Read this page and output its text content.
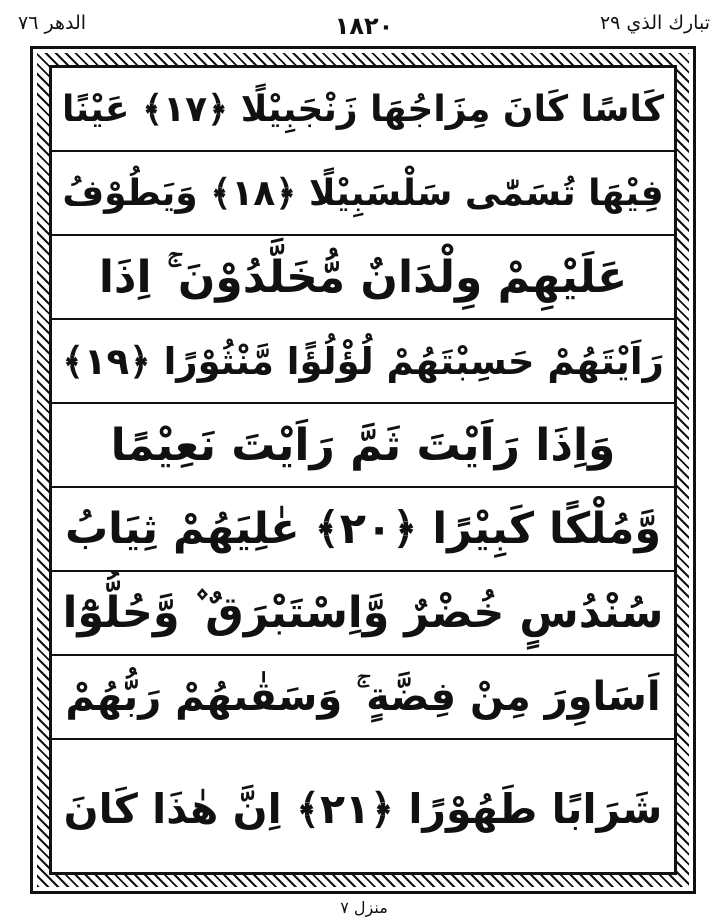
تبارك الذي ٢٩
١٨٢٠
الدهر ٧٦
كَاسًا كَانَ مِزَاجُهَا زَنْجَبِيْلًا ﴿١٧﴾ عَيْنًا
فِيْهَا تُسَمّٰى سَلْسَبِيْلًا ﴿١٨﴾ وَيَطُوْفُ
عَلَيْهِمْ وِلْدَانٌ مُّخَلَّدُوْنَ ۚ اِذَا
رَاَيْتَهُمْ حَسِبْتَهُمْ لُؤْلُؤًا مَّنْثُوْرًا ﴿١٩﴾
وَاِذَا رَاَيْتَ ثَمَّ رَاَيْتَ نَعِيْمًا
وَّمُلْكًا كَبِيْرًا ﴿٢٠﴾ عٰلِيَهُمْ ثِيَابُ
سُنْدُسٍ خُضْرٌ وَّاِسْتَبْرَقٌ ۫ وَّحُلُّوْٓا
اَسَاوِرَ مِنْ فِضَّةٍ ۚ وَسَقٰىهُمْ رَبُّهُمْ
شَرَابًا طَهُوْرًا ﴿٢١﴾ اِنَّ هٰذَا كَانَ
منزل ٧
